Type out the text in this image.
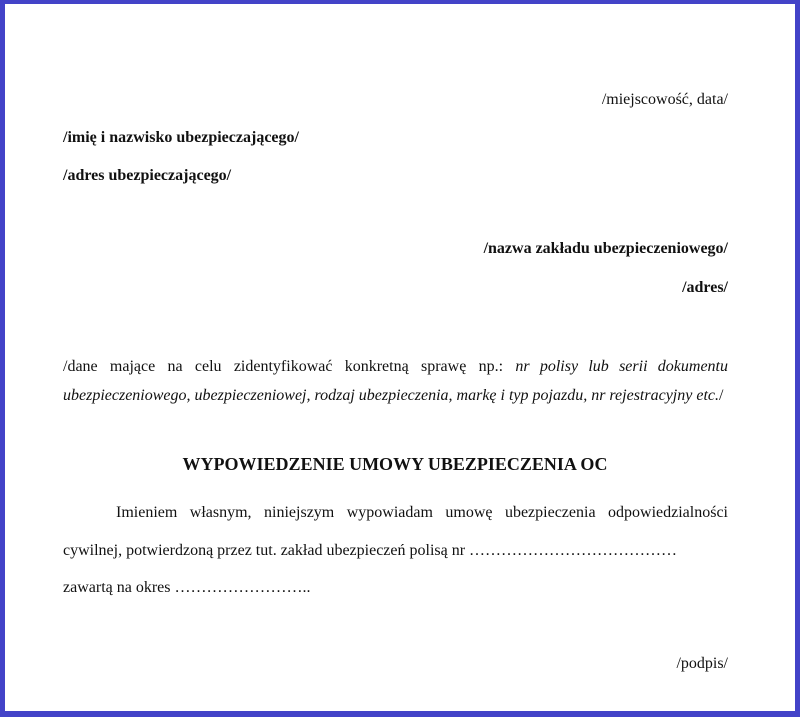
/miejscowość, data/

/imię i nazwisko ubezpieczającego/

/adres ubezpieczającego/

/nazwa zakładu ubezpieczeniowego/

/adres/

/dane mające na celu zidentyfikować konkretną sprawę np.: nr polisy lub serii dokumentu ubezpieczeniowego, ubezpieczeniowej, rodzaj ubezpieczenia, markę i typ pojazdu, nr rejestracyjny etc./

WYPOWIEDZENIE UMOWY UBEZPIECZENIA OC

Imieniem własnym, niniejszym wypowiadam umowę ubezpieczenia odpowiedzialności cywilnej, potwierdzoną przez tut. zakład ubezpieczeń polisą nr …………………………………

zawartą na okres ……………………..

/podpis/
